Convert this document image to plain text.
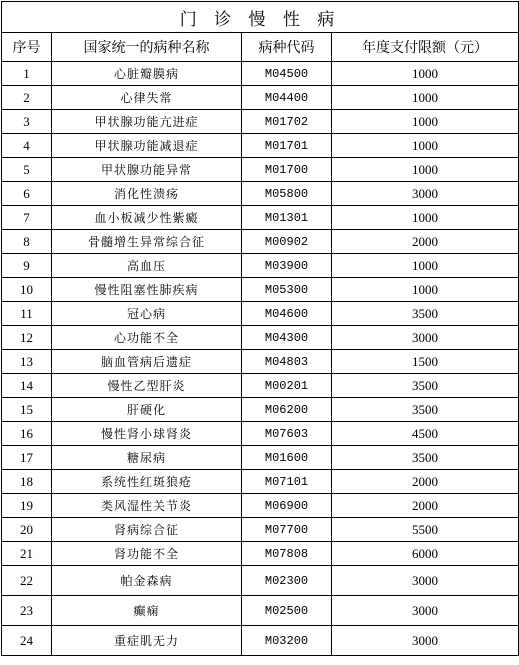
门 诊 慢 性 病			
序号	国家统一的病种名称	病种代码	年度支付限额（元）
1	心脏瓣膜病	M04500	1000
2	心律失常	M04400	1000
3	甲状腺功能亢进症	M01702	1000
4	甲状腺功能减退症	M01701	1000
5	甲状腺功能异常	M01700	1000
6	消化性溃疡	M05800	3000
7	血小板减少性紫癜	M01301	1000
8	骨髓增生异常综合征	M00902	2000
9	高血压	M03900	1000
10	慢性阻塞性肺疾病	M05300	1000
11	冠心病	M04600	3500
12	心功能不全	M04300	3000
13	脑血管病后遗症	M04803	1500
14	慢性乙型肝炎	M00201	3500
15	肝硬化	M06200	3500
16	慢性肾小球肾炎	M07603	4500
17	糖尿病	M01600	3500
18	系统性红斑狼疮	M07101	2000
19	类风湿性关节炎	M06900	2000
20	肾病综合征	M07700	5500
21	肾功能不全	M07808	6000
22	帕金森病	M02300	3000
23	癫痫	M02500	3000
24	重症肌无力	M03200	3000
